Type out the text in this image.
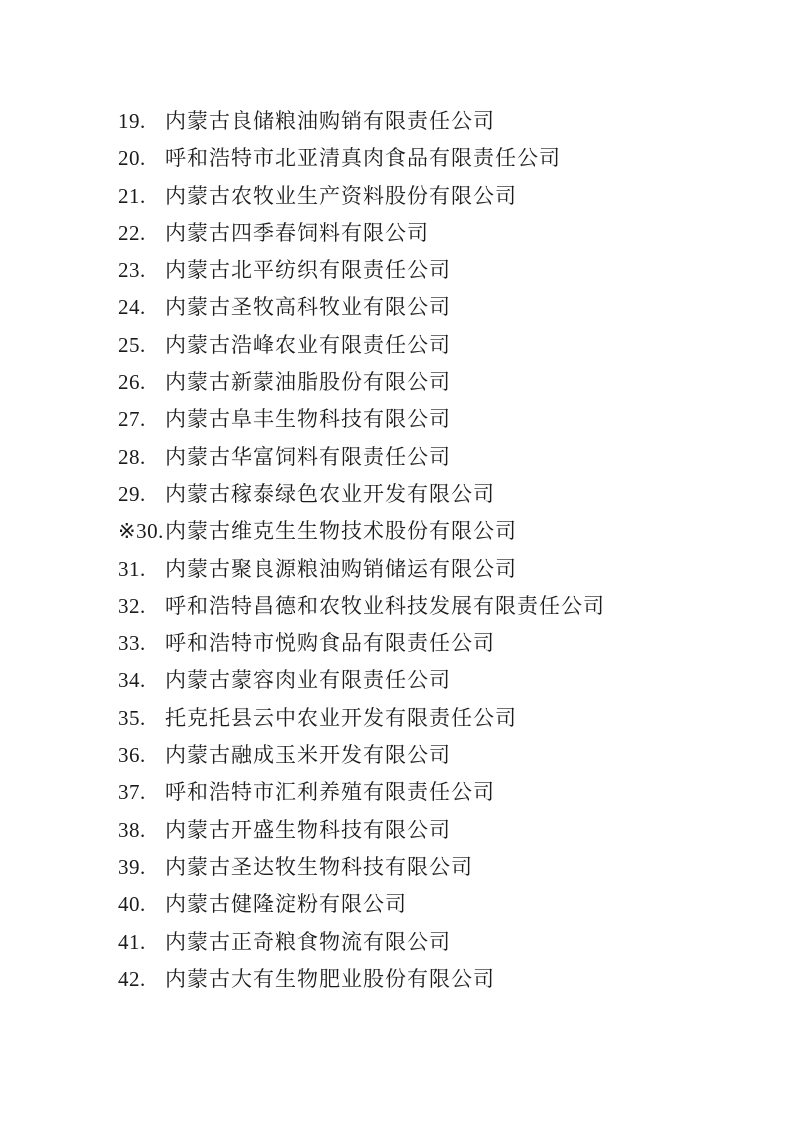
19. 内蒙古良储粮油购销有限责任公司
20. 呼和浩特市北亚清真肉食品有限责任公司
21. 内蒙古农牧业生产资料股份有限公司
22. 内蒙古四季春饲料有限公司
23. 内蒙古北平纺织有限责任公司
24. 内蒙古圣牧高科牧业有限公司
25. 内蒙古浩峰农业有限责任公司
26. 内蒙古新蒙油脂股份有限公司
27. 内蒙古阜丰生物科技有限公司
28. 内蒙古华富饲料有限责任公司
29. 内蒙古稼泰绿色农业开发有限公司
※30. 内蒙古维克生生物技术股份有限公司
31. 内蒙古聚良源粮油购销储运有限公司
32. 呼和浩特昌德和农牧业科技发展有限责任公司
33. 呼和浩特市悦购食品有限责任公司
34. 内蒙古蒙容肉业有限责任公司
35. 托克托县云中农业开发有限责任公司
36. 内蒙古融成玉米开发有限公司
37. 呼和浩特市汇利养殖有限责任公司
38. 内蒙古开盛生物科技有限公司
39. 内蒙古圣达牧生物科技有限公司
40. 内蒙古健隆淀粉有限公司
41. 内蒙古正奇粮食物流有限公司
42. 内蒙古大有生物肥业股份有限公司
